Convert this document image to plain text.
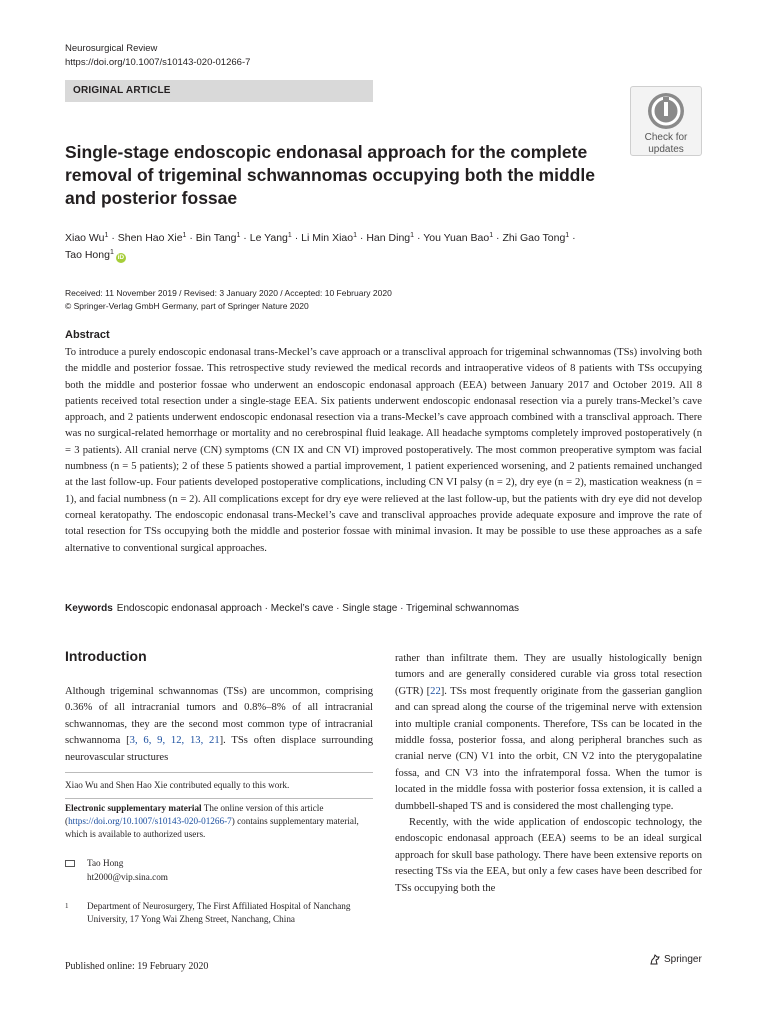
Neurosurgical Review
https://doi.org/10.1007/s10143-020-01266-7
ORIGINAL ARTICLE
Check for
updates
Single-stage endoscopic endonasal approach for the complete removal of trigeminal schwannomas occupying both the middle and posterior fossae
Xiao $Wu^1$ · Shen Hao Xie$^1$ · Bin Tang$^1$ · Le Yang$^1$ · Li Min Xiao$^1$ · Han Ding$^1$ · You Yuan Bao$^1$ · Zhi Gao Tong$^1$ ·
Tao Hong$^1$iD
Received: 11 November 2019 / Revised: 3 January 2020 / Accepted: 10 February 2020
© Springer-Verlag GmbH Germany, part of Springer Nature 2020
Abstract

To introduce a purely endoscopic endonasal trans-Meckel’s cave approach or a transclival approach for trigeminal schwannomas (TSs) involving both the middle and posterior fossae. This retrospective study reviewed the medical records and intraoperative videos of 8 patients with TSs occupying both the middle and posterior fossae who underwent an endoscopic endonasal approach (EEA) between January 2017 and October 2019. All 8 patients received total resection under a single-stage EEA. Six patients underwent endoscopic endonasal resection via a purely trans-Meckel’s cave approach, and 2 patients underwent endoscopic endonasal resection via a trans-Meckel’s cave approach combined with a transclival approach. There was no surgical-related hemorrhage or mortality and no cerebrospinal fluid leakage. All headache symptoms completely improved postoperatively (n = 3 patients). All cranial nerve (CN) symptoms (CN IX and CN VI) improved postoperatively. The most common preoperative symptom was facial numbness (n = 5 patients); 2 of these 5 patients showed a partial improvement, 1 patient experienced worsening, and 2 patients remained unchanged at the last follow-up. Four patients developed postoperative complications, including CN VI palsy (n = 2), dry eye (n = 2), mastication weakness (n = 1), and facial numbness (n = 2). All complications except for dry eye were relieved at the last follow-up, but the patients with dry eye did not develop corneal keratopathy. The endoscopic endonasal trans-Meckel’s cave and transclival approaches provide adequate exposure and improve the rate of total resection for TSs occupying both the middle and posterior fossae with minimal invasion. It may be possible to use these approaches as a safe alternative to conventional surgical approaches.

Keywords Endoscopic endonasal approach · Meckel’s cave · Single stage · Trigeminal schwannomas
Introduction

Although trigeminal schwannomas (TSs) are uncommon, comprising 0.36% of all intracranial tumors and 0.8%–8% of all intracranial schwannomas, they are the second most common type of intracranial schwannoma [3, 6, 9, 12, 13, 21]. TSs often displace surrounding neurovascular structures

rather than infiltrate them. They are usually histologically benign tumors and are generally considered curable via gross total resection (GTR) [22]. TSs most frequently originate from the gasserian ganglion and can spread along the course of the trigeminal nerve with extension into multiple cranial components. Therefore, TSs can be located in the middle fossa, posterior fossa, and along peripheral branches such as cranial nerve (CN) V1 into the orbit, CN V2 into the pterygopalatine fossa, and CN V3 into the infratemporal fossa. When the tumor is located in the middle fossa with posterior fossa extension, it is called a dumbbell-shaped TS and is considered the most challenging type.

Recently, with the wide application of endoscopic technology, the endoscopic endonasal approach (EEA) seems to be an ideal surgical approach for skull base pathology. There have been extensive reports on resecting TSs via the EEA, but only a few cases have been described for TSs occupying both the

Xiao Wu and Shen Hao Xie contributed equally to this work.
Electronic supplementary material The online version of this article (https://doi.org/10.1007/s10143-020-01266-7) contains supplementary material, which is available to authorized users.
Tao Hong
ht2000@vip.sina.com
1	Department of Neurosurgery, The First Affiliated Hospital of Nanchang University, 17 Yong Wai Zheng Street, Nanchang, China
Published online: 19 February 2020
Springer
